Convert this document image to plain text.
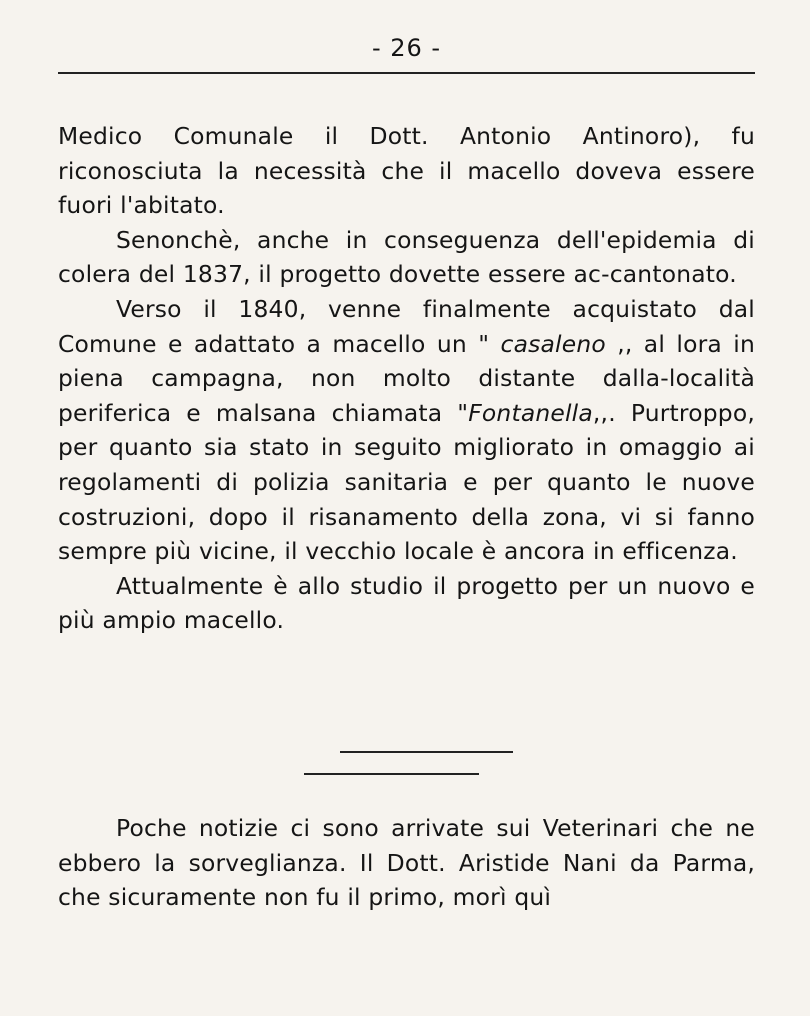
- 26 -

Medico Comunale il Dott. Antonio Antinoro), fu riconosciuta la necessità che il macello doveva essere fuori l'abitato.

Senonchè, anche in conseguenza dell'epidemia di colera del 1837, il progetto dovette essere ac-cantonato.

Verso il 1840, venne finalmente acquistato dal Comune e adattato a macello un " casaleno ,, al lora in piena campagna, non molto distante dalla-località periferica e malsana chiamata "Fontanella,,. Purtroppo, per quanto sia stato in seguito migliorato in omaggio ai regolamenti di polizia sanitaria e per quanto le nuove costruzioni, dopo il risanamento della zona, vi si fanno sempre più vicine, il vecchio locale è ancora in efficenza.

Attualmente è allo studio il progetto per un nuovo e più ampio macello.

Poche notizie ci sono arrivate sui Veterinari che ne ebbero la sorveglianza. Il Dott. Aristide Nani da Parma, che sicuramente non fu il primo, morì quì
